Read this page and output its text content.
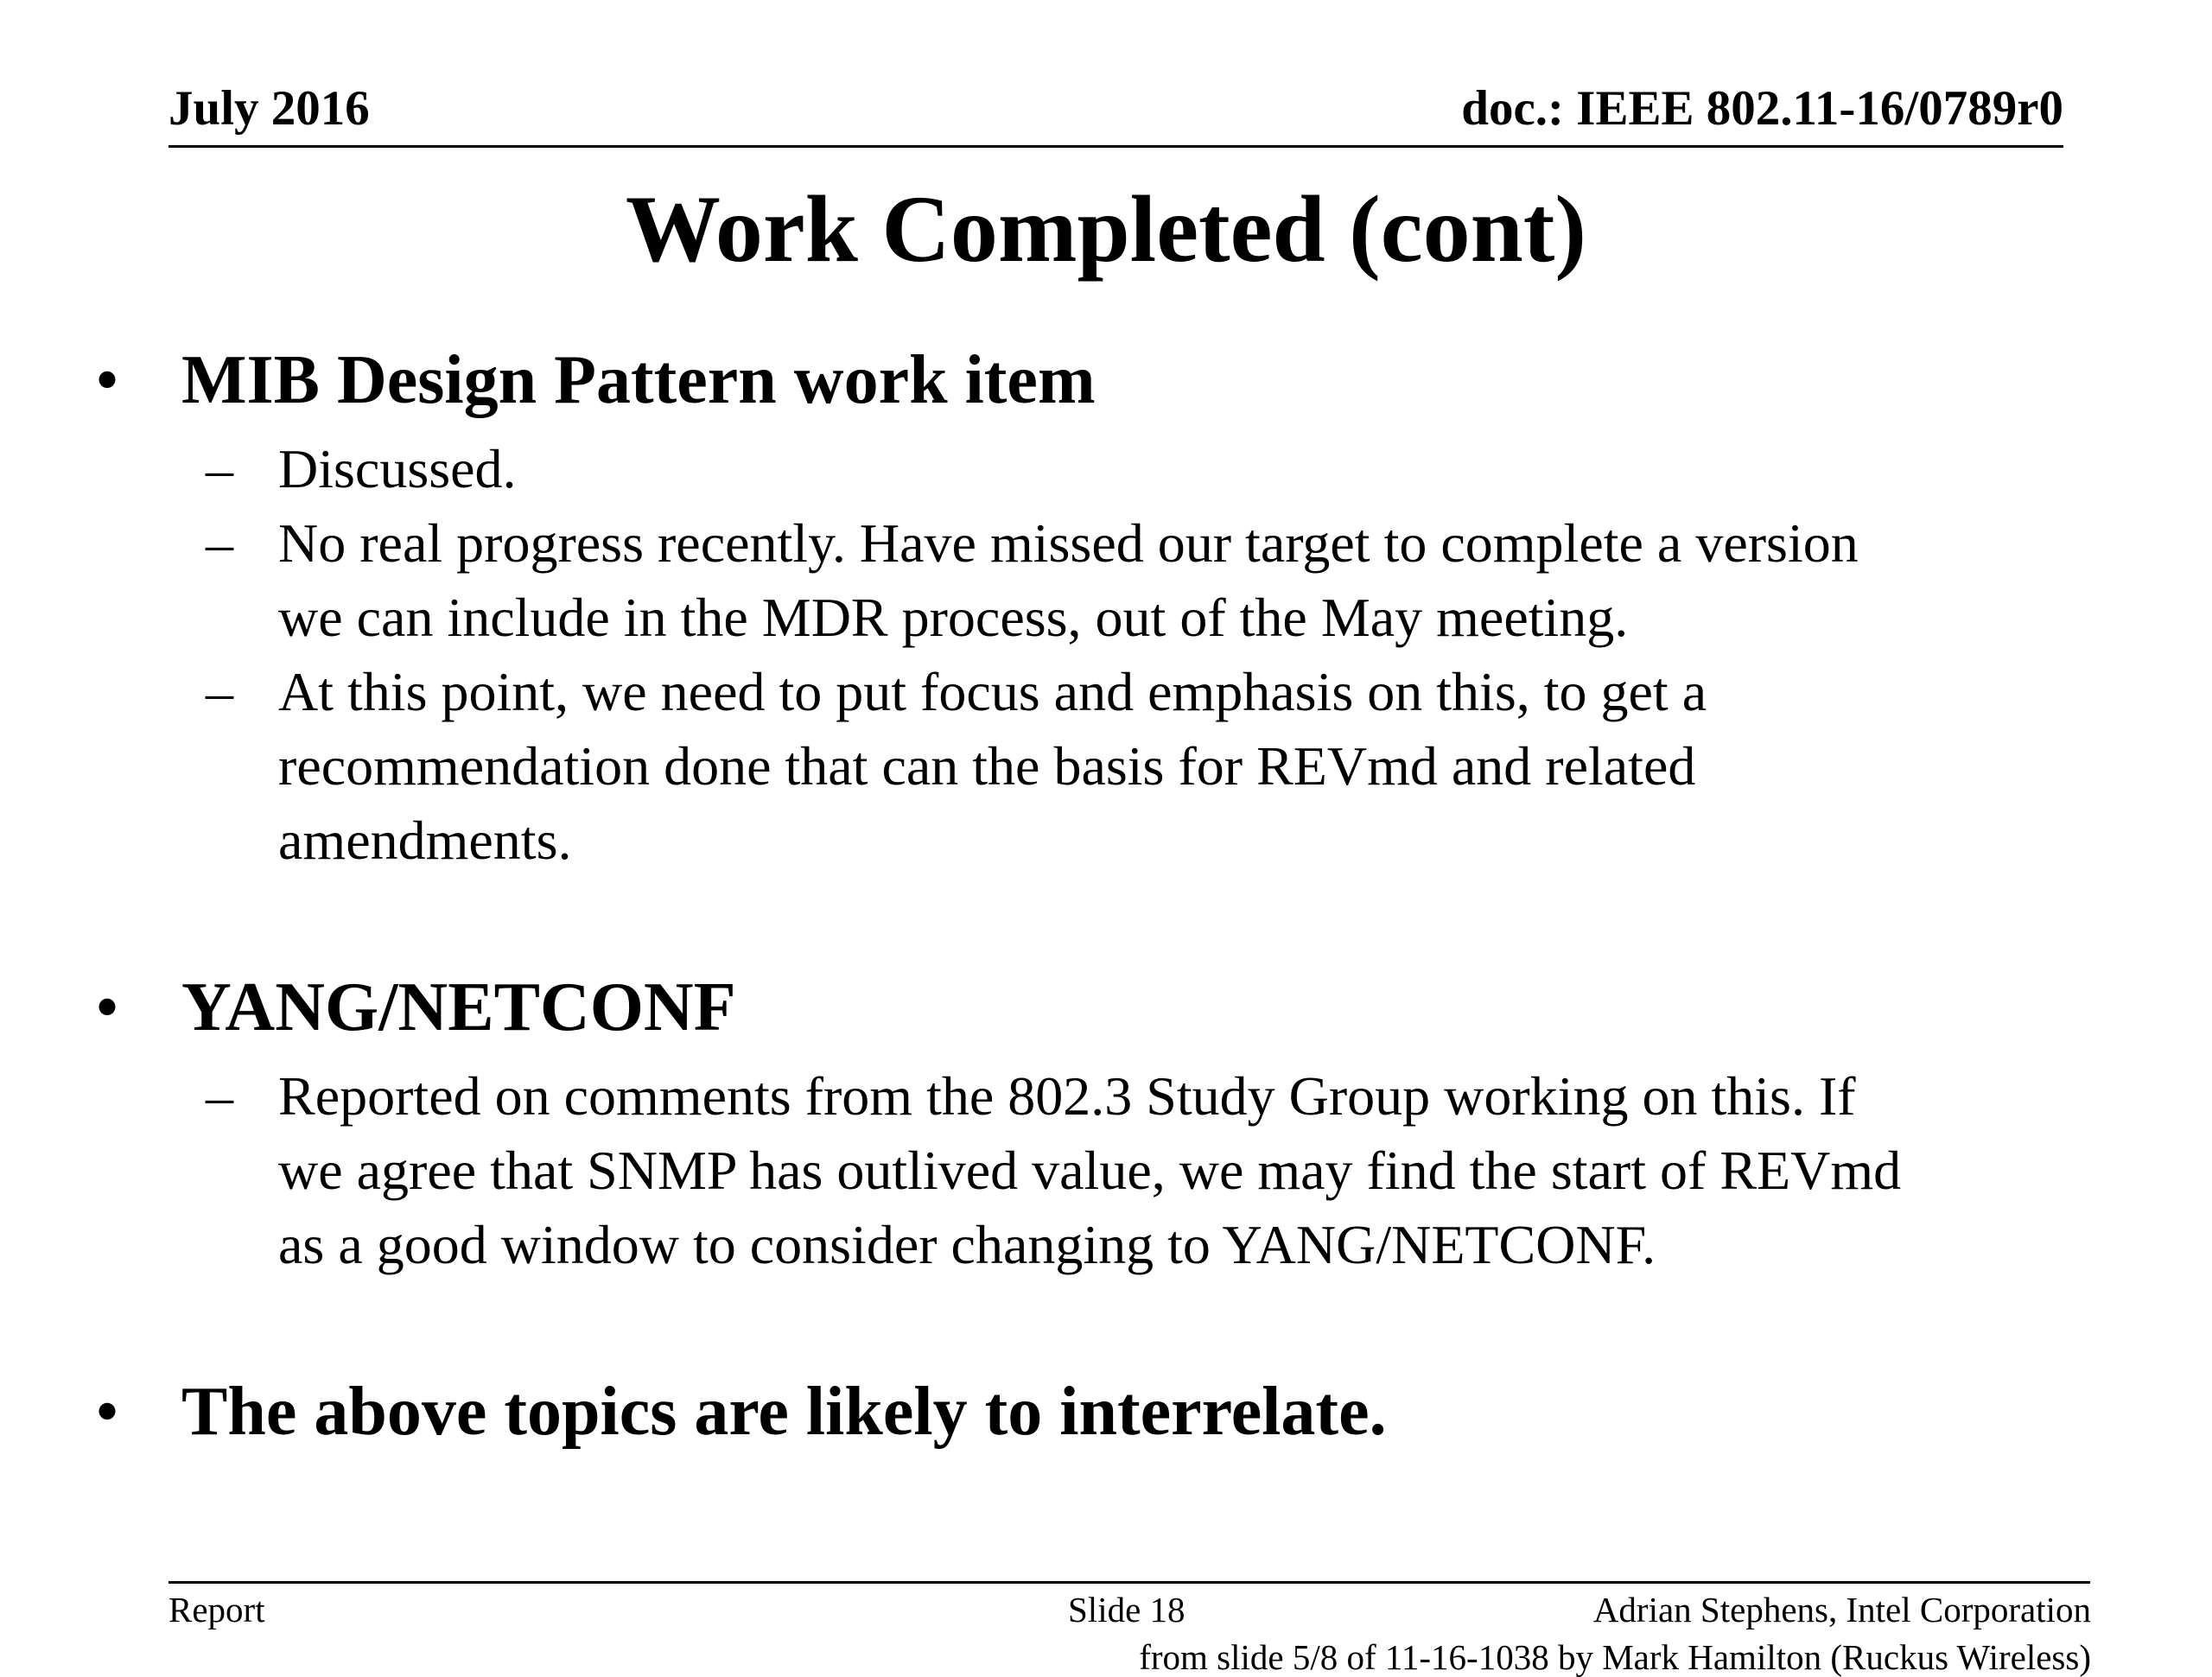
July 2016	doc.: IEEE 802.11-16/0789r0
Work Completed (cont)
• MIB Design Pattern work item
– Discussed.
– No real progress recently. Have missed our target to complete a version
we can include in the MDR process, out of the May meeting.
– At this point, we need to put focus and emphasis on this, to get a
recommendation done that can the basis for REVmd and related
amendments.
• YANG/NETCONF
– Reported on comments from the 802.3 Study Group working on this. If
we agree that SNMP has outlived value, we may find the start of REVmd
as a good window to consider changing to YANG/NETCONF.
• The above topics are likely to interrelate.
Report	Slide 18	Adrian Stephens, Intel Corporation
from slide 5/8 of 11-16-1038 by Mark Hamilton (Ruckus Wireless)
